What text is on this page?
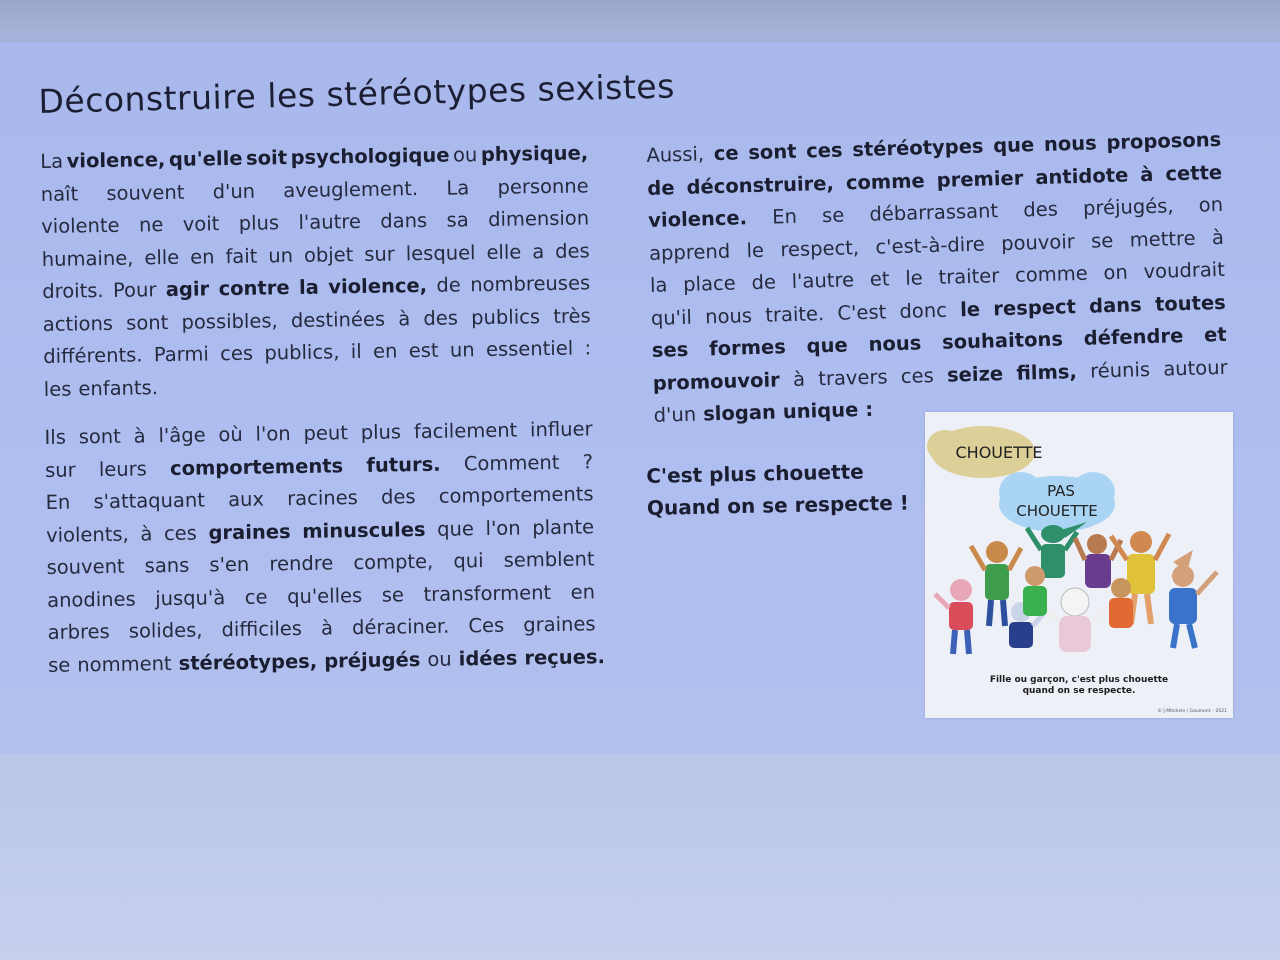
Déconstruire les stéréotypes sexistes
La violence, qu'elle soit psychologique ou physique,
naît souvent d'un aveuglement. La personne
violente ne voit plus l'autre dans sa dimension
humaine, elle en fait un objet sur lesquel elle a des
droits. Pour agir contre la violence, de nombreuses
actions sont possibles, destinées à des publics très
différents. Parmi ces publics, il en est un essentiel :
les enfants.
Ils sont à l'âge où l'on peut plus facilement influer
sur leurs comportements futurs. Comment ?
En s'attaquant aux racines des comportements
violents, à ces graines minuscules que l'on plante
souvent sans s'en rendre compte, qui semblent
anodines jusqu'à ce qu'elles se transforment en
arbres solides, difficiles à déraciner. Ces graines
se nomment stéréotypes, préjugés ou idées reçues.
Aussi, ce sont ces stéréotypes que nous proposons
de déconstruire, comme premier antidote à cette
violence. En se débarrassant des préjugés, on
apprend le respect, c'est-à-dire pouvoir se mettre à
la place de l'autre et le traiter comme on voudrait
qu'il nous traite. C'est donc le respect dans toutes
ses formes que nous souhaitons défendre et
promouvoir à travers ces seize films, réunis autour
d'un slogan unique :
C'est plus chouette
Quand on se respecte !
CHOUETTE
PAS
CHOUETTE
Fille ou garçon, c'est plus chouette
quand on se respecte.
© J.Mitchele / Gaumont – 2021
